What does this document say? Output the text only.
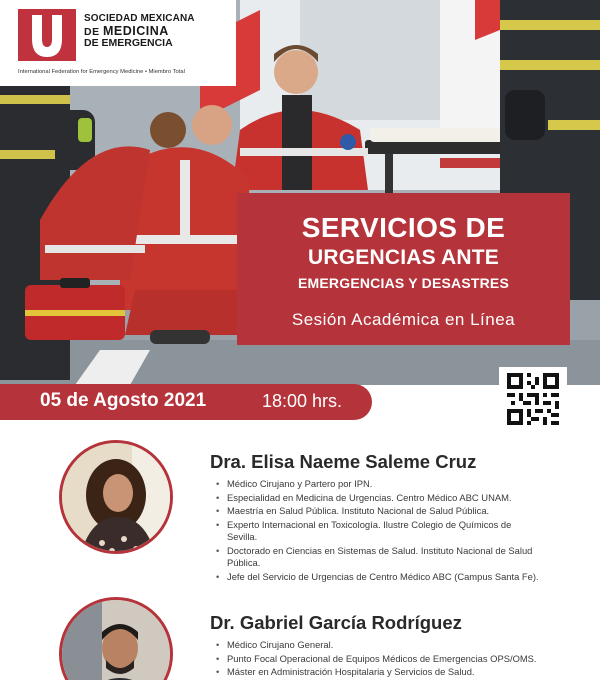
SOCIEDAD MEXICANA
DE MEDICINA
DE EMERGENCIA
International Federation for Emergency Medicine • Miembro Total
SERVICIOS DE
URGENCIAS ANTE
EMERGENCIAS Y DESASTRES
Sesión Académica en Línea
05 de Agosto 2021	18:00 hrs.
Dra. Elisa Naeme Saleme Cruz
• Médico Cirujano y Partero por IPN.
• Especialidad en Medicina de Urgencias. Centro Médico ABC UNAM.
• Maestría en Salud Pública. Instituto Nacional de Salud Pública.
• Experto Internacional en Toxicología. Ilustre Colegio de Químicos de Sevilla.
• Doctorado en Ciencias en Sistemas de Salud. Instituto Nacional de Salud Pública.
• Jefe del Servicio de Urgencias de Centro Médico ABC (Campus Santa Fe).
Dr. Gabriel García Rodríguez
• Médico Cirujano General.
• Punto Focal Operacional de Equipos Médicos de Emergencias OPS/OMS.
• Máster en Administración Hospitalaria y Servicios de Salud.
